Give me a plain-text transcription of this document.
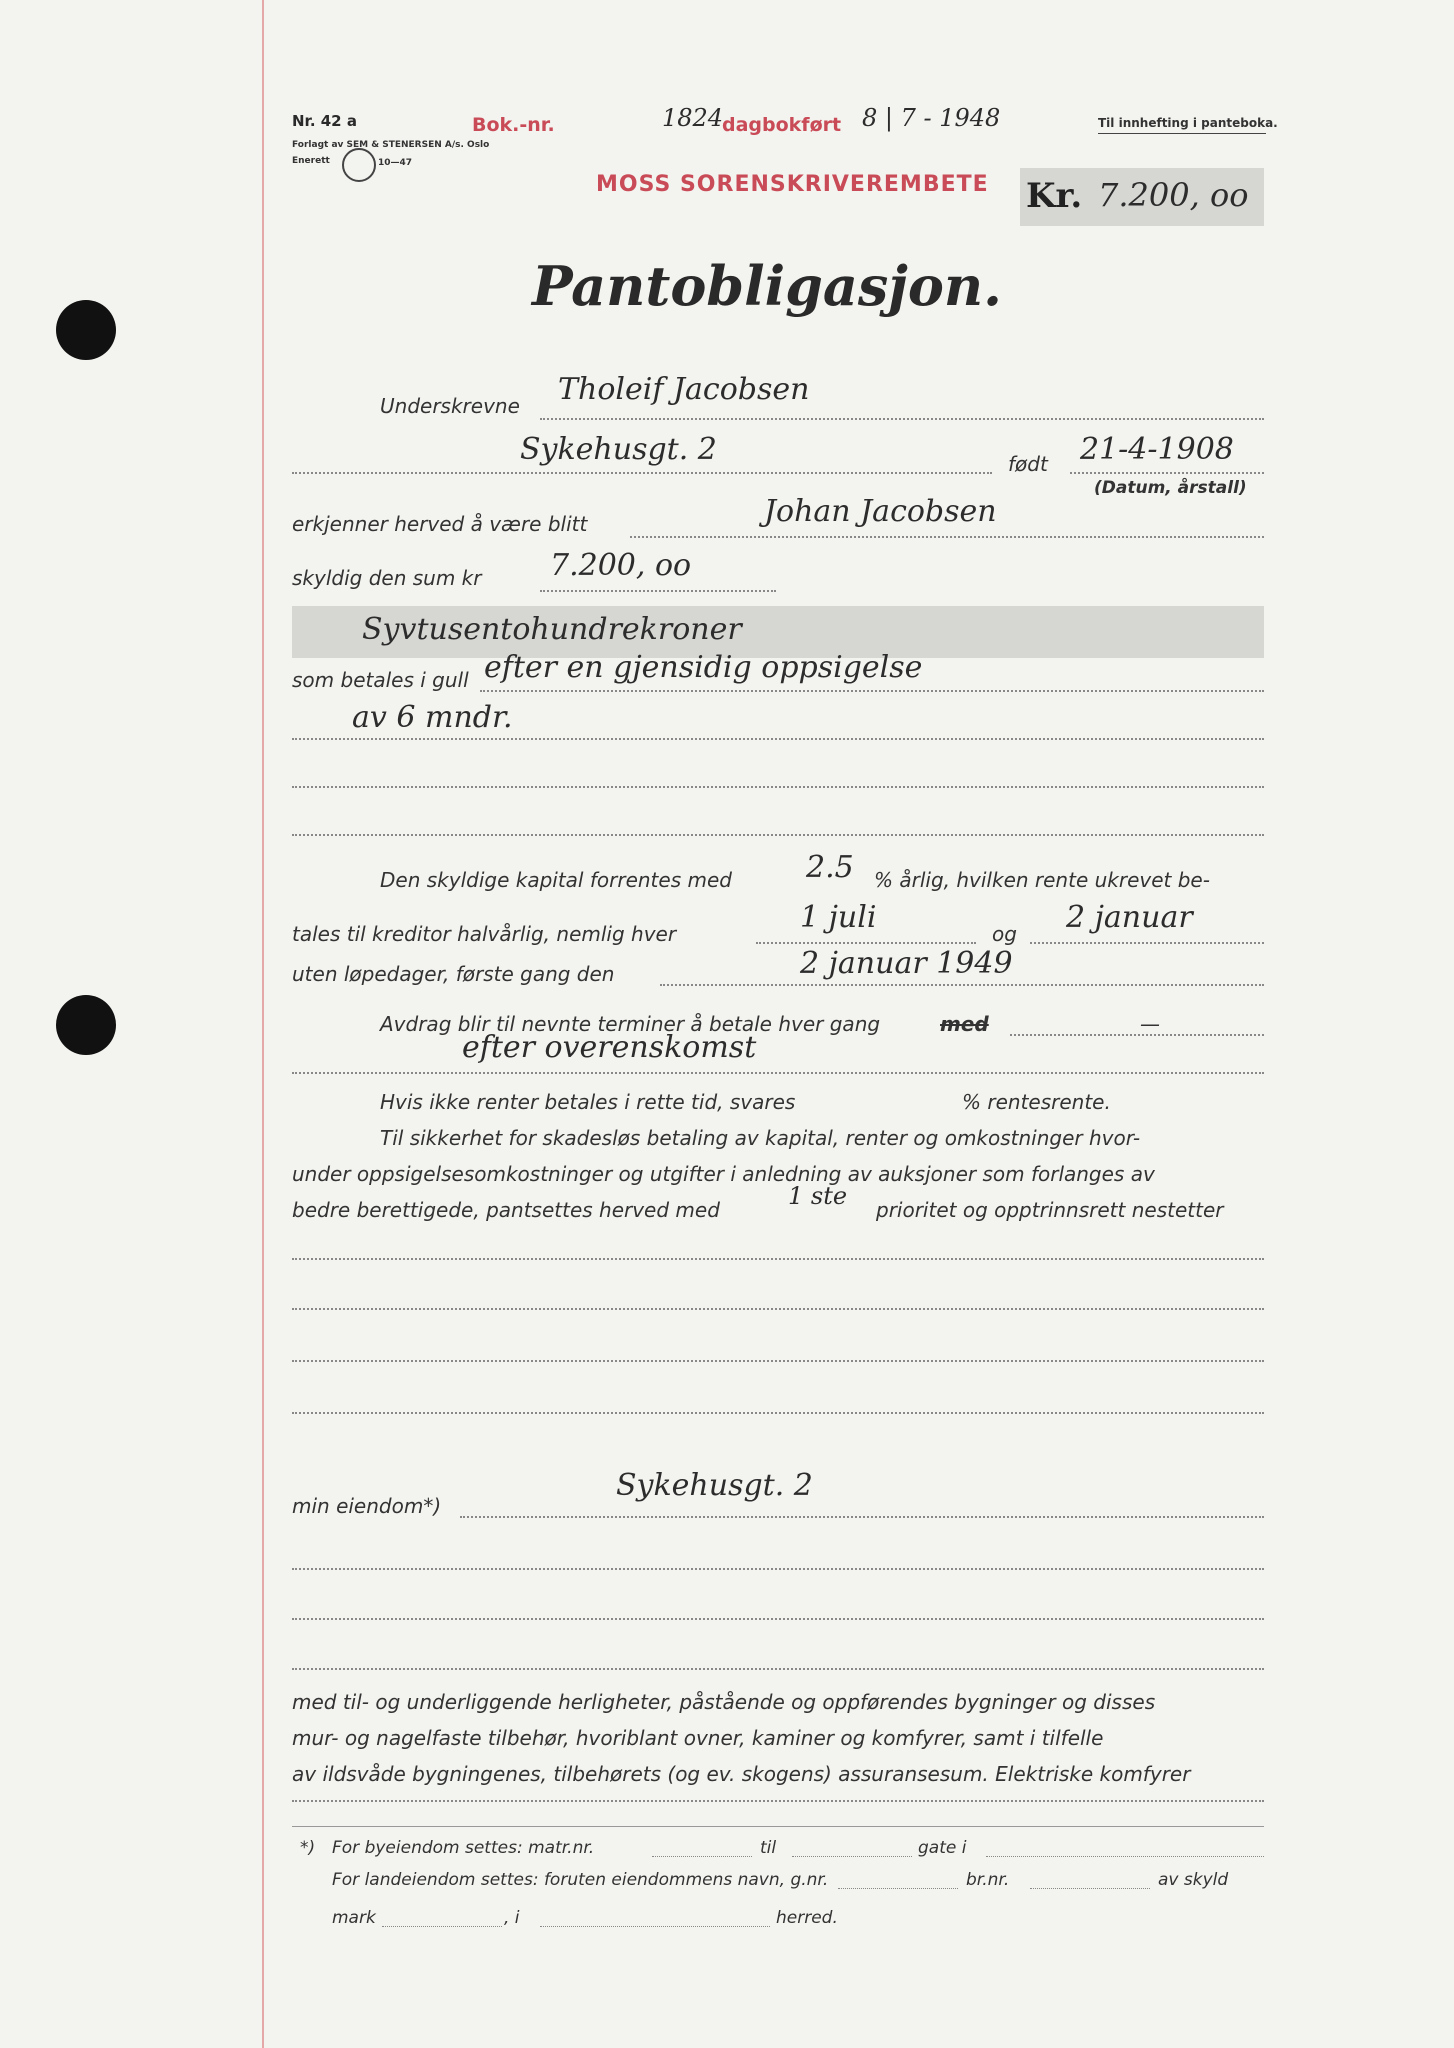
Nr. 42 a
Forlagt av SEM & STENERSEN A/s. Oslo
Enerett	10—47
Bok.-nr.	1824
dagbokført 8 | 7 - 1948	Til innhefting i panteboka.
MOSS SORENSKRIVEREMBETE Kr. 7.200, oo
Pantobligasjon.
Underskrevne Tholeif Jacobsen
Sykehusgt. 2	født 21-4-1908
(Datum, årstall)
erkjenner herved å være blitt	Johan Jacobsen
skyldig den sum kr 7.200, oo
Syvtusentohundrekroner
som betales i gull efter en gjensidig oppsigelse
av 6 mndr.
Den skyldige kapital forrentes med 2.5 % årlig, hvilken rente ukrevet be-
tales til kreditor halvårlig, nemlig hver	1 juli	og 2 januar
uten løpedager, første gang den	2 januar 1949
Avdrag blir til nevnte terminer å betale hver gang	med	—
efter overenskomst
Hvis ikke renter betales i rette tid, svares	% rentesrente.
Til sikkerhet for skadesløs betaling av kapital, renter og omkostninger hvor-
under oppsigelsesomkostninger og utgifter i anledning av auksjoner som forlanges av
bedre berettigede, pantsettes herved med	1 ste prioritet og opptrinnsrett nestetter
min eiendom*)
Sykehusgt. 2
med til- og underliggende herligheter, påstående og oppførendes bygninger og disses
mur- og nagelfaste tilbehør, hvoriblant ovner, kaminer og komfyrer, samt i tilfelle
av ildsvåde bygningenes, tilbehørets (og ev. skogens) assuransesum. Elektriske komfyrer
*) For byeiendom settes: matr.nr.	til	gate i
For landeiendom settes: foruten eiendommens navn, g.nr.	br.nr.	av skyld
mark	, i	herred.
